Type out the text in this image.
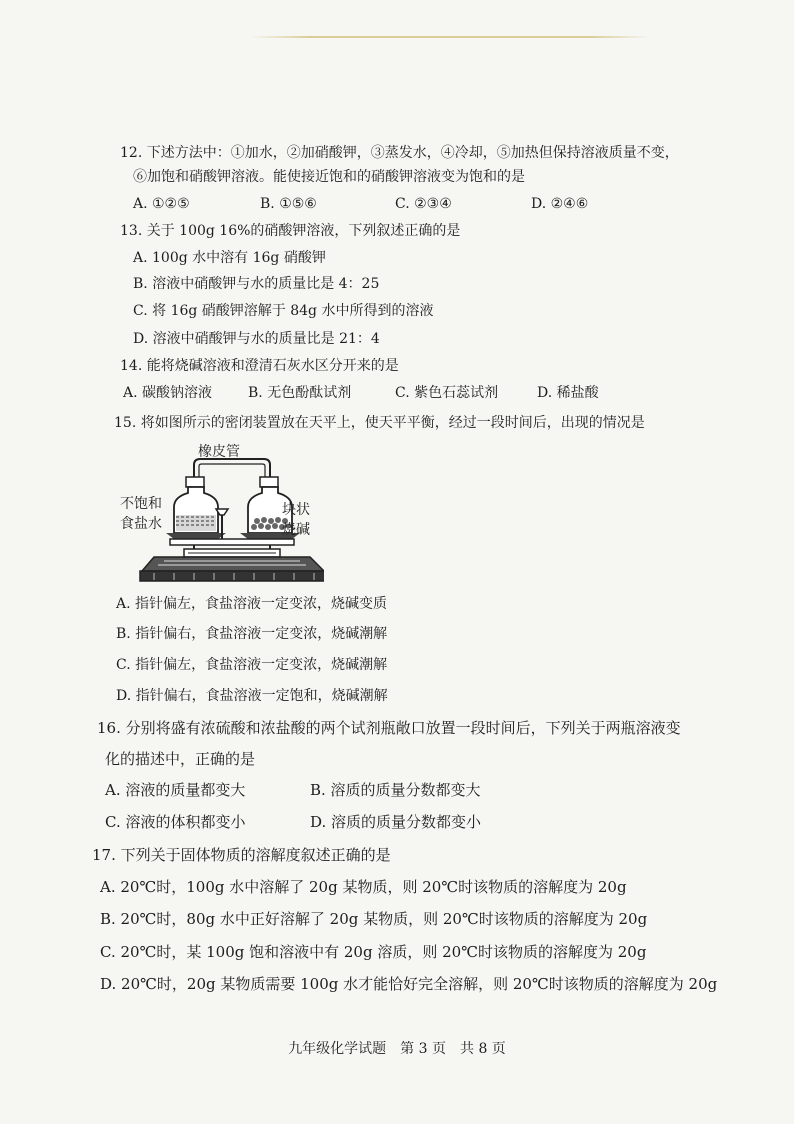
12. 下述方法中：①加水，②加硝酸钾，③蒸发水，④冷却，⑤加热但保持溶液质量不变，
⑥加饱和硝酸钾溶液。能使接近饱和的硝酸钾溶液变为饱和的是
A. ①②⑤	B. ①⑤⑥	C. ②③④	D. ②④⑥
13. 关于 100g 16%的硝酸钾溶液，下列叙述正确的是
A. 100g 水中溶有 16g 硝酸钾
B. 溶液中硝酸钾与水的质量比是 4：25
C. 将 16g 硝酸钾溶解于 84g 水中所得到的溶液
D. 溶液中硝酸钾与水的质量比是 21：4
14. 能将烧碱溶液和澄清石灰水区分开来的是
A. 碳酸钠溶液	B. 无色酚酞试剂	C. 紫色石蕊试剂	D. 稀盐酸
15. 将如图所示的密闭装置放在天平上，使天平平衡，经过一段时间后，出现的情况是
橡皮管
不饱和
食盐水
块状
烧碱
A. 指针偏左，食盐溶液一定变浓，烧碱变质
B. 指针偏右，食盐溶液一定变浓，烧碱潮解
C. 指针偏左，食盐溶液一定变浓，烧碱潮解
D. 指针偏右，食盐溶液一定饱和，烧碱潮解
16. 分别将盛有浓硫酸和浓盐酸的两个试剂瓶敞口放置一段时间后，下列关于两瓶溶液变
化的描述中，正确的是
A. 溶液的质量都变大	B. 溶质的质量分数都变大
C. 溶液的体积都变小	D. 溶质的质量分数都变小
17. 下列关于固体物质的溶解度叙述正确的是
A. 20℃时，100g 水中溶解了 20g 某物质，则 20℃时该物质的溶解度为 20g
B. 20℃时，80g 水中正好溶解了 20g 某物质，则 20℃时该物质的溶解度为 20g
C. 20℃时，某 100g 饱和溶液中有 20g 溶质，则 20℃时该物质的溶解度为 20g
D. 20℃时，20g 某物质需要 100g 水才能恰好完全溶解，则 20℃时该物质的溶解度为 20g
九年级化学试题　第 3 页　共 8 页
